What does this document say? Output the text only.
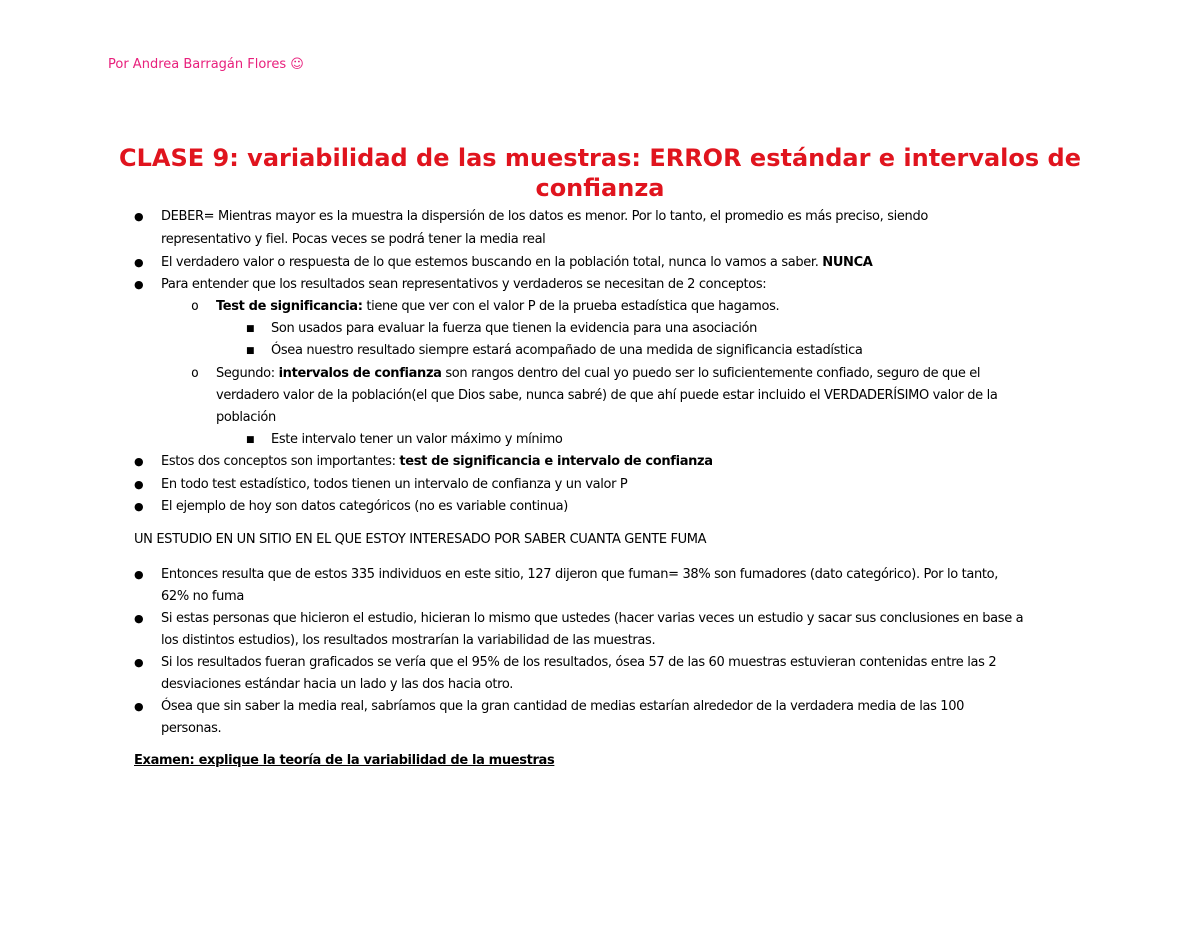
Por Andrea Barragán Flores ☺
CLASE 9: variabilidad de las muestras: ERROR estándar e intervalos de
confianza
● DEBER= Mientras mayor es la muestra la dispersión de los datos es menor. Por lo tanto, el promedio es más preciso, siendo
representativo y fiel. Pocas veces se podrá tener la media real
● El verdadero valor o respuesta de lo que estemos buscando en la población total, nunca lo vamos a saber. NUNCA
● Para entender que los resultados sean representativos y verdaderos se necesitan de 2 conceptos:
o Test de significancia: tiene que ver con el valor P de la prueba estadística que hagamos.
■ Son usados para evaluar la fuerza que tienen la evidencia para una asociación
■ Ósea nuestro resultado siempre estará acompañado de una medida de significancia estadística
o Segundo: intervalos de confianza son rangos dentro del cual yo puedo ser lo suficientemente confiado, seguro de que el
verdadero valor de la población(el que Dios sabe, nunca sabré) de que ahí puede estar incluido el VERDADERÍSIMO valor de la
población
■ Este intervalo tener un valor máximo y mínimo
● Estos dos conceptos son importantes: test de significancia e intervalo de confianza
● En todo test estadístico, todos tienen un intervalo de confianza y un valor P
● El ejemplo de hoy son datos categóricos (no es variable continua)
UN ESTUDIO EN UN SITIO EN EL QUE ESTOY INTERESADO POR SABER CUANTA GENTE FUMA
● Entonces resulta que de estos 335 individuos en este sitio, 127 dijeron que fuman= 38% son fumadores (dato categórico). Por lo tanto,
62% no fuma
● Si estas personas que hicieron el estudio, hicieran lo mismo que ustedes (hacer varias veces un estudio y sacar sus conclusiones en base a
los distintos estudios), los resultados mostrarían la variabilidad de las muestras.
● Si los resultados fueran graficados se vería que el 95% de los resultados, ósea 57 de las 60 muestras estuvieran contenidas entre las 2
desviaciones estándar hacia un lado y las dos hacia otro.
● Ósea que sin saber la media real, sabríamos que la gran cantidad de medias estarían alrededor de la verdadera media de las 100
personas.
Examen: explique la teoría de la variabilidad de la muestras
